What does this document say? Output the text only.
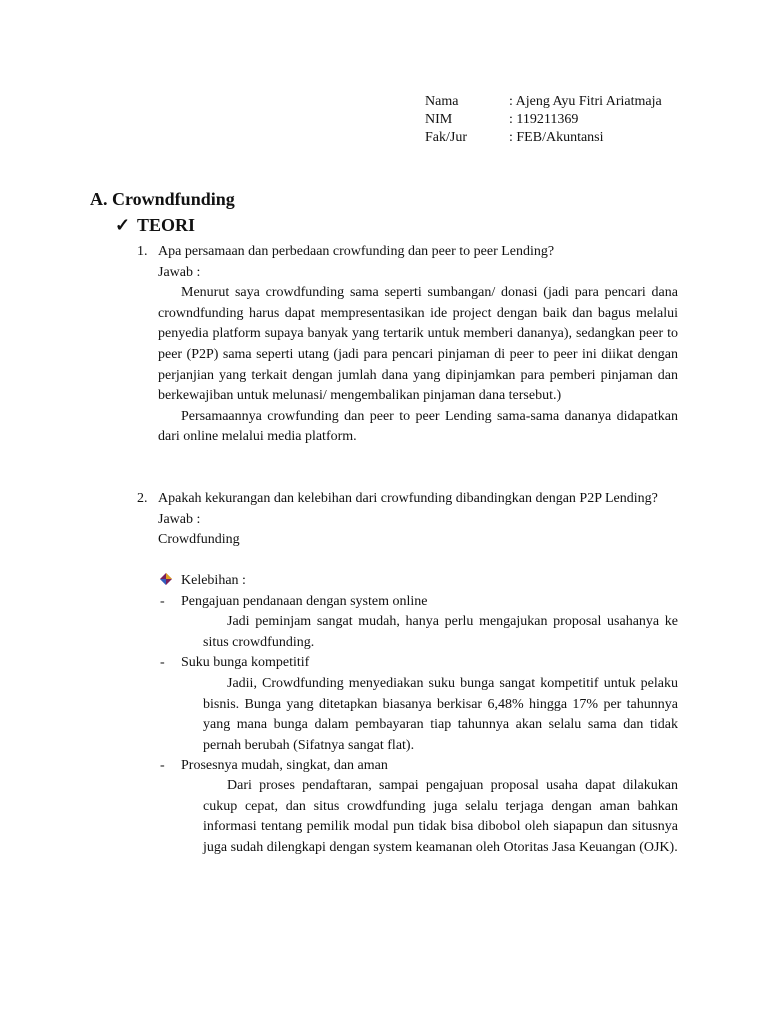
Nama	: Ajeng Ayu Fitri Ariatmaja
NIM	: 119211369
Fak/Jur	: FEB/Akuntansi
A. Crowndfunding
✓ TEORI
1. Apa persamaan dan perbedaan crowfunding dan peer to peer Lending?

Jawab :

Menurut saya crowdfunding sama seperti sumbangan/ donasi (jadi para pencari dana crowndfunding harus dapat mempresentasikan ide project dengan baik dan bagus melalui penyedia platform supaya banyak yang tertarik untuk memberi dananya), sedangkan peer to peer (P2P) sama seperti utang (jadi para pencari pinjaman di peer to peer ini diikat dengan perjanjian yang terkait dengan jumlah dana yang dipinjamkan para pemberi pinjaman dan berkewajiban untuk melunasi/ mengembalikan pinjaman dana tersebut.)

Persamaannya crowfunding dan peer to peer Lending sama-sama dananya didapatkan dari online melalui media platform.

2. Apakah kekurangan dan kelebihan dari crowfunding dibandingkan dengan P2P Lending?

Jawab :

Crowdfunding

Kelebihan :
- Pengajuan pendanaan dengan system online
Jadi peminjam sangat mudah, hanya perlu mengajukan proposal usahanya ke situs crowdfunding.
- Suku bunga kompetitif
Jadii, Crowdfunding menyediakan suku bunga sangat kompetitif untuk pelaku bisnis. Bunga yang ditetapkan biasanya berkisar 6,48% hingga 17% per tahunnya yang mana bunga dalam pembayaran tiap tahunnya akan selalu sama dan tidak pernah berubah (Sifatnya sangat flat).
- Prosesnya mudah, singkat, dan aman
Dari proses pendaftaran, sampai pengajuan proposal usaha dapat dilakukan cukup cepat, dan situs crowdfunding juga selalu terjaga dengan aman bahkan informasi tentang pemilik modal pun tidak bisa dibobol oleh siapapun dan situsnya juga sudah dilengkapi dengan system keamanan oleh Otoritas Jasa Keuangan (OJK).
